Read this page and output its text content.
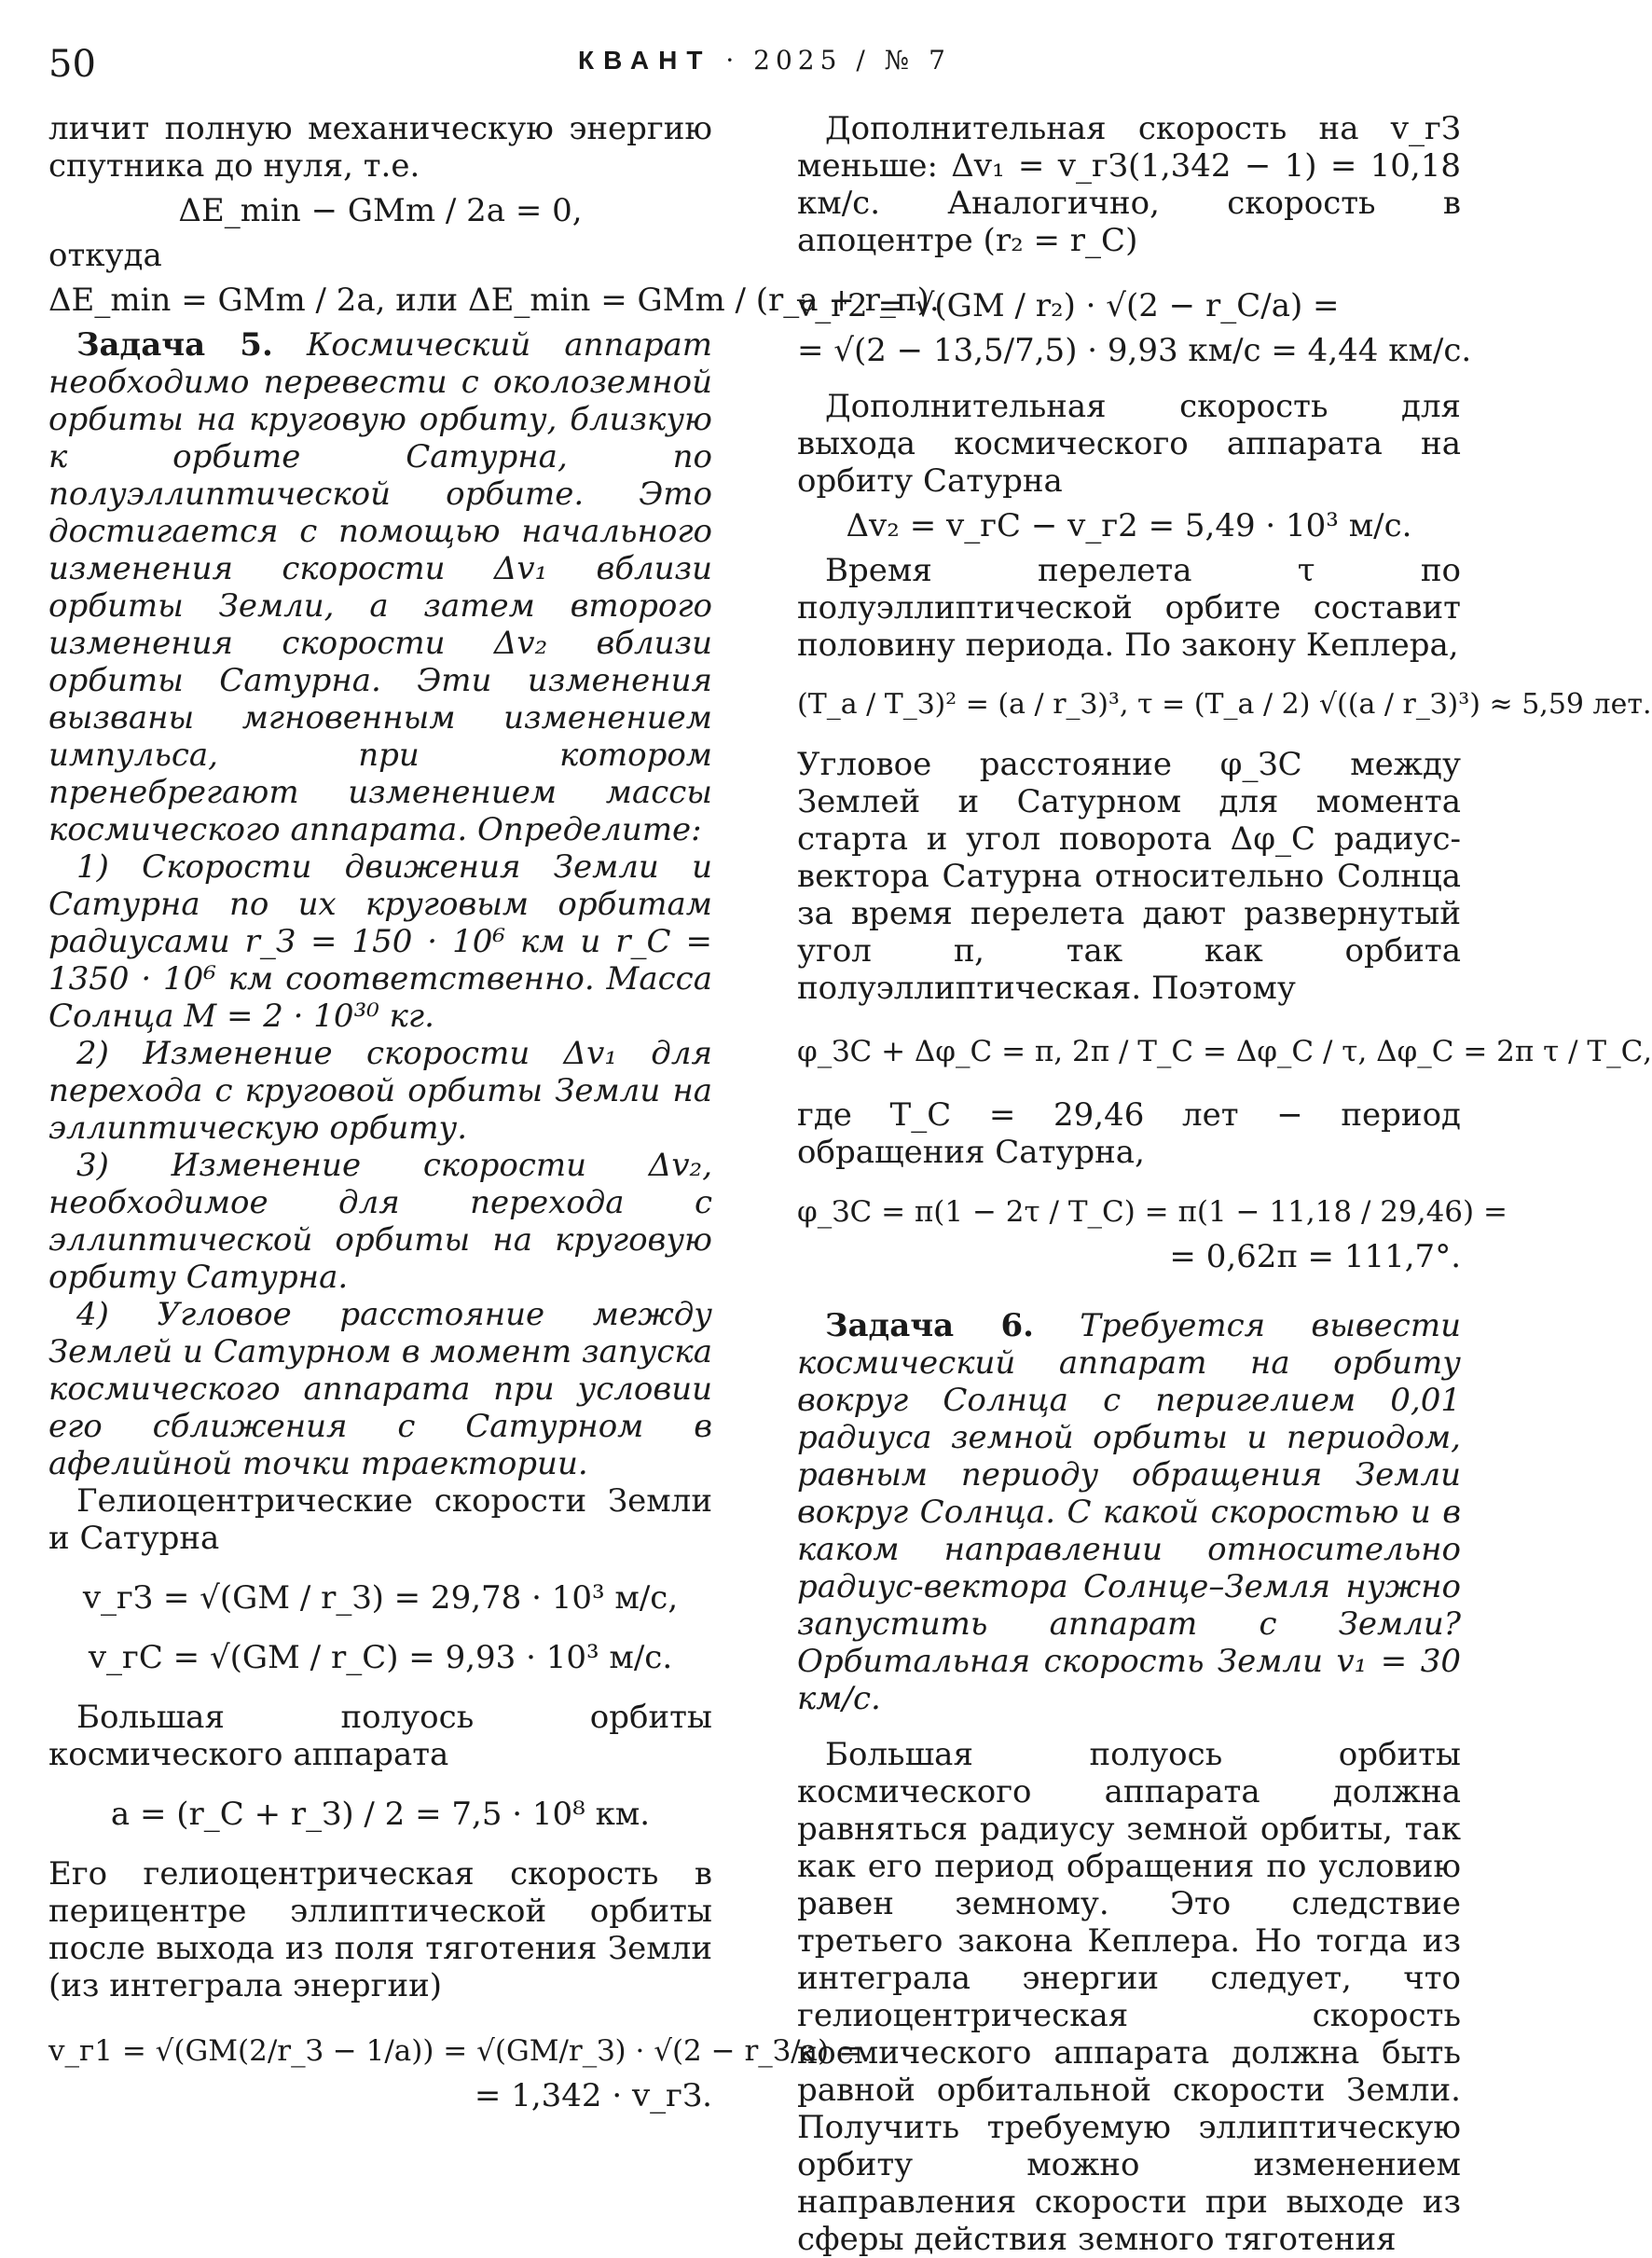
50	КВАНТ · 2025 / № 7

личит полную механическую энергию спутника до нуля, т.е.

ΔE_min − GMm / 2a = 0,

откуда

ΔE_min = GMm / 2a, или ΔE_min = GMm / (r_а + r_п).

Задача 5. Космический аппарат необходимо перевести с околоземной орбиты на круговую орбиту, близкую к орбите Сатурна, по полуэллиптической орбите. Это достигается с помощью начального изменения скорости Δv₁ вблизи орбиты Земли, а затем второго изменения скорости Δv₂ вблизи орбиты Сатурна. Эти изменения вызваны мгновенным изменением импульса, при котором пренебрегают изменением массы космического аппарата. Определите:

1) Скорости движения Земли и Сатурна по их круговым орбитам радиусами r_З = 150 · 10⁶ км и r_С = 1350 · 10⁶ км соответственно. Масса Солнца M = 2 · 10³⁰ кг.

2) Изменение скорости Δv₁ для перехода с круговой орбиты Земли на эллиптическую орбиту.

3) Изменение скорости Δv₂, необходимое для перехода с эллиптической орбиты на круговую орбиту Сатурна.

4) Угловое расстояние между Землей и Сатурном в момент запуска космического аппарата при условии его сближения с Сатурном в афелийной точки траектории.

Гелиоцентрические скорости Земли и Сатурна

v_гЗ = √(GM / r_З) = 29,78 · 10³ м/с,

v_гС = √(GM / r_С) = 9,93 · 10³ м/с.

Большая полуось орбиты космического аппарата

a = (r_С + r_З) / 2 = 7,5 · 10⁸ км.

Его гелиоцентрическая скорость в перицентре эллиптической орбиты после выхода из поля тяготения Земли (из интеграла энергии)

v_г1 = √(GM(2/r_З − 1/a)) = √(GM/r_З) · √(2 − r_З/a) =

= 1,342 · v_гЗ.

Дополнительная скорость на v_гЗ меньше: Δv₁ = v_гЗ(1,342 − 1) = 10,18 км/с. Аналогично, скорость в апоцентре (r₂ = r_С)

v_г2 = √(GM / r₂) · √(2 − r_С/a) =

= √(2 − 13,5/7,5) · 9,93 км/с = 4,44 км/с.

Дополнительная скорость для выхода космического аппарата на орбиту Сатурна

Δv₂ = v_гС − v_г2 = 5,49 · 10³ м/с.

Время перелета τ по полуэллиптической орбите составит половину периода. По закону Кеплера,

(T_а / T_З)² = (a / r_З)³, τ = (T_а / 2) √((a / r_З)³) ≈ 5,59 лет.

Угловое расстояние φ_ЗС между Землей и Сатурном для момента старта и угол поворота Δφ_С радиус-вектора Сатурна относительно Солнца за время перелета дают развернутый угол π, так как орбита полуэллиптическая. Поэтому

φ_ЗС + Δφ_С = π, 2π / T_С = Δφ_С / τ, Δφ_С = 2π τ / T_С,

где T_С = 29,46 лет − период обращения Сатурна,

φ_ЗС = π(1 − 2τ / T_С) = π(1 − 11,18 / 29,46) =

= 0,62π = 111,7°.

Задача 6. Требуется вывести космический аппарат на орбиту вокруг Солнца с перигелием 0,01 радиуса земной орбиты и периодом, равным периоду обращения Земли вокруг Солнца. С какой скоростью и в каком направлении относительно радиус-вектора Солнце–Земля нужно запустить аппарат с Земли? Орбитальная скорость Земли v₁ = 30 км/с.

Большая полуось орбиты космического аппарата должна равняться радиусу земной орбиты, так как его период обращения по условию равен земному. Это следствие третьего закона Кеплера. Но тогда из интеграла энергии следует, что гелиоцентрическая скорость космического аппарата должна быть равной орбитальной скорости Земли. Получить требуемую эллиптическую орбиту можно изменением направления скорости при выходе из сферы действия земного тяготения
